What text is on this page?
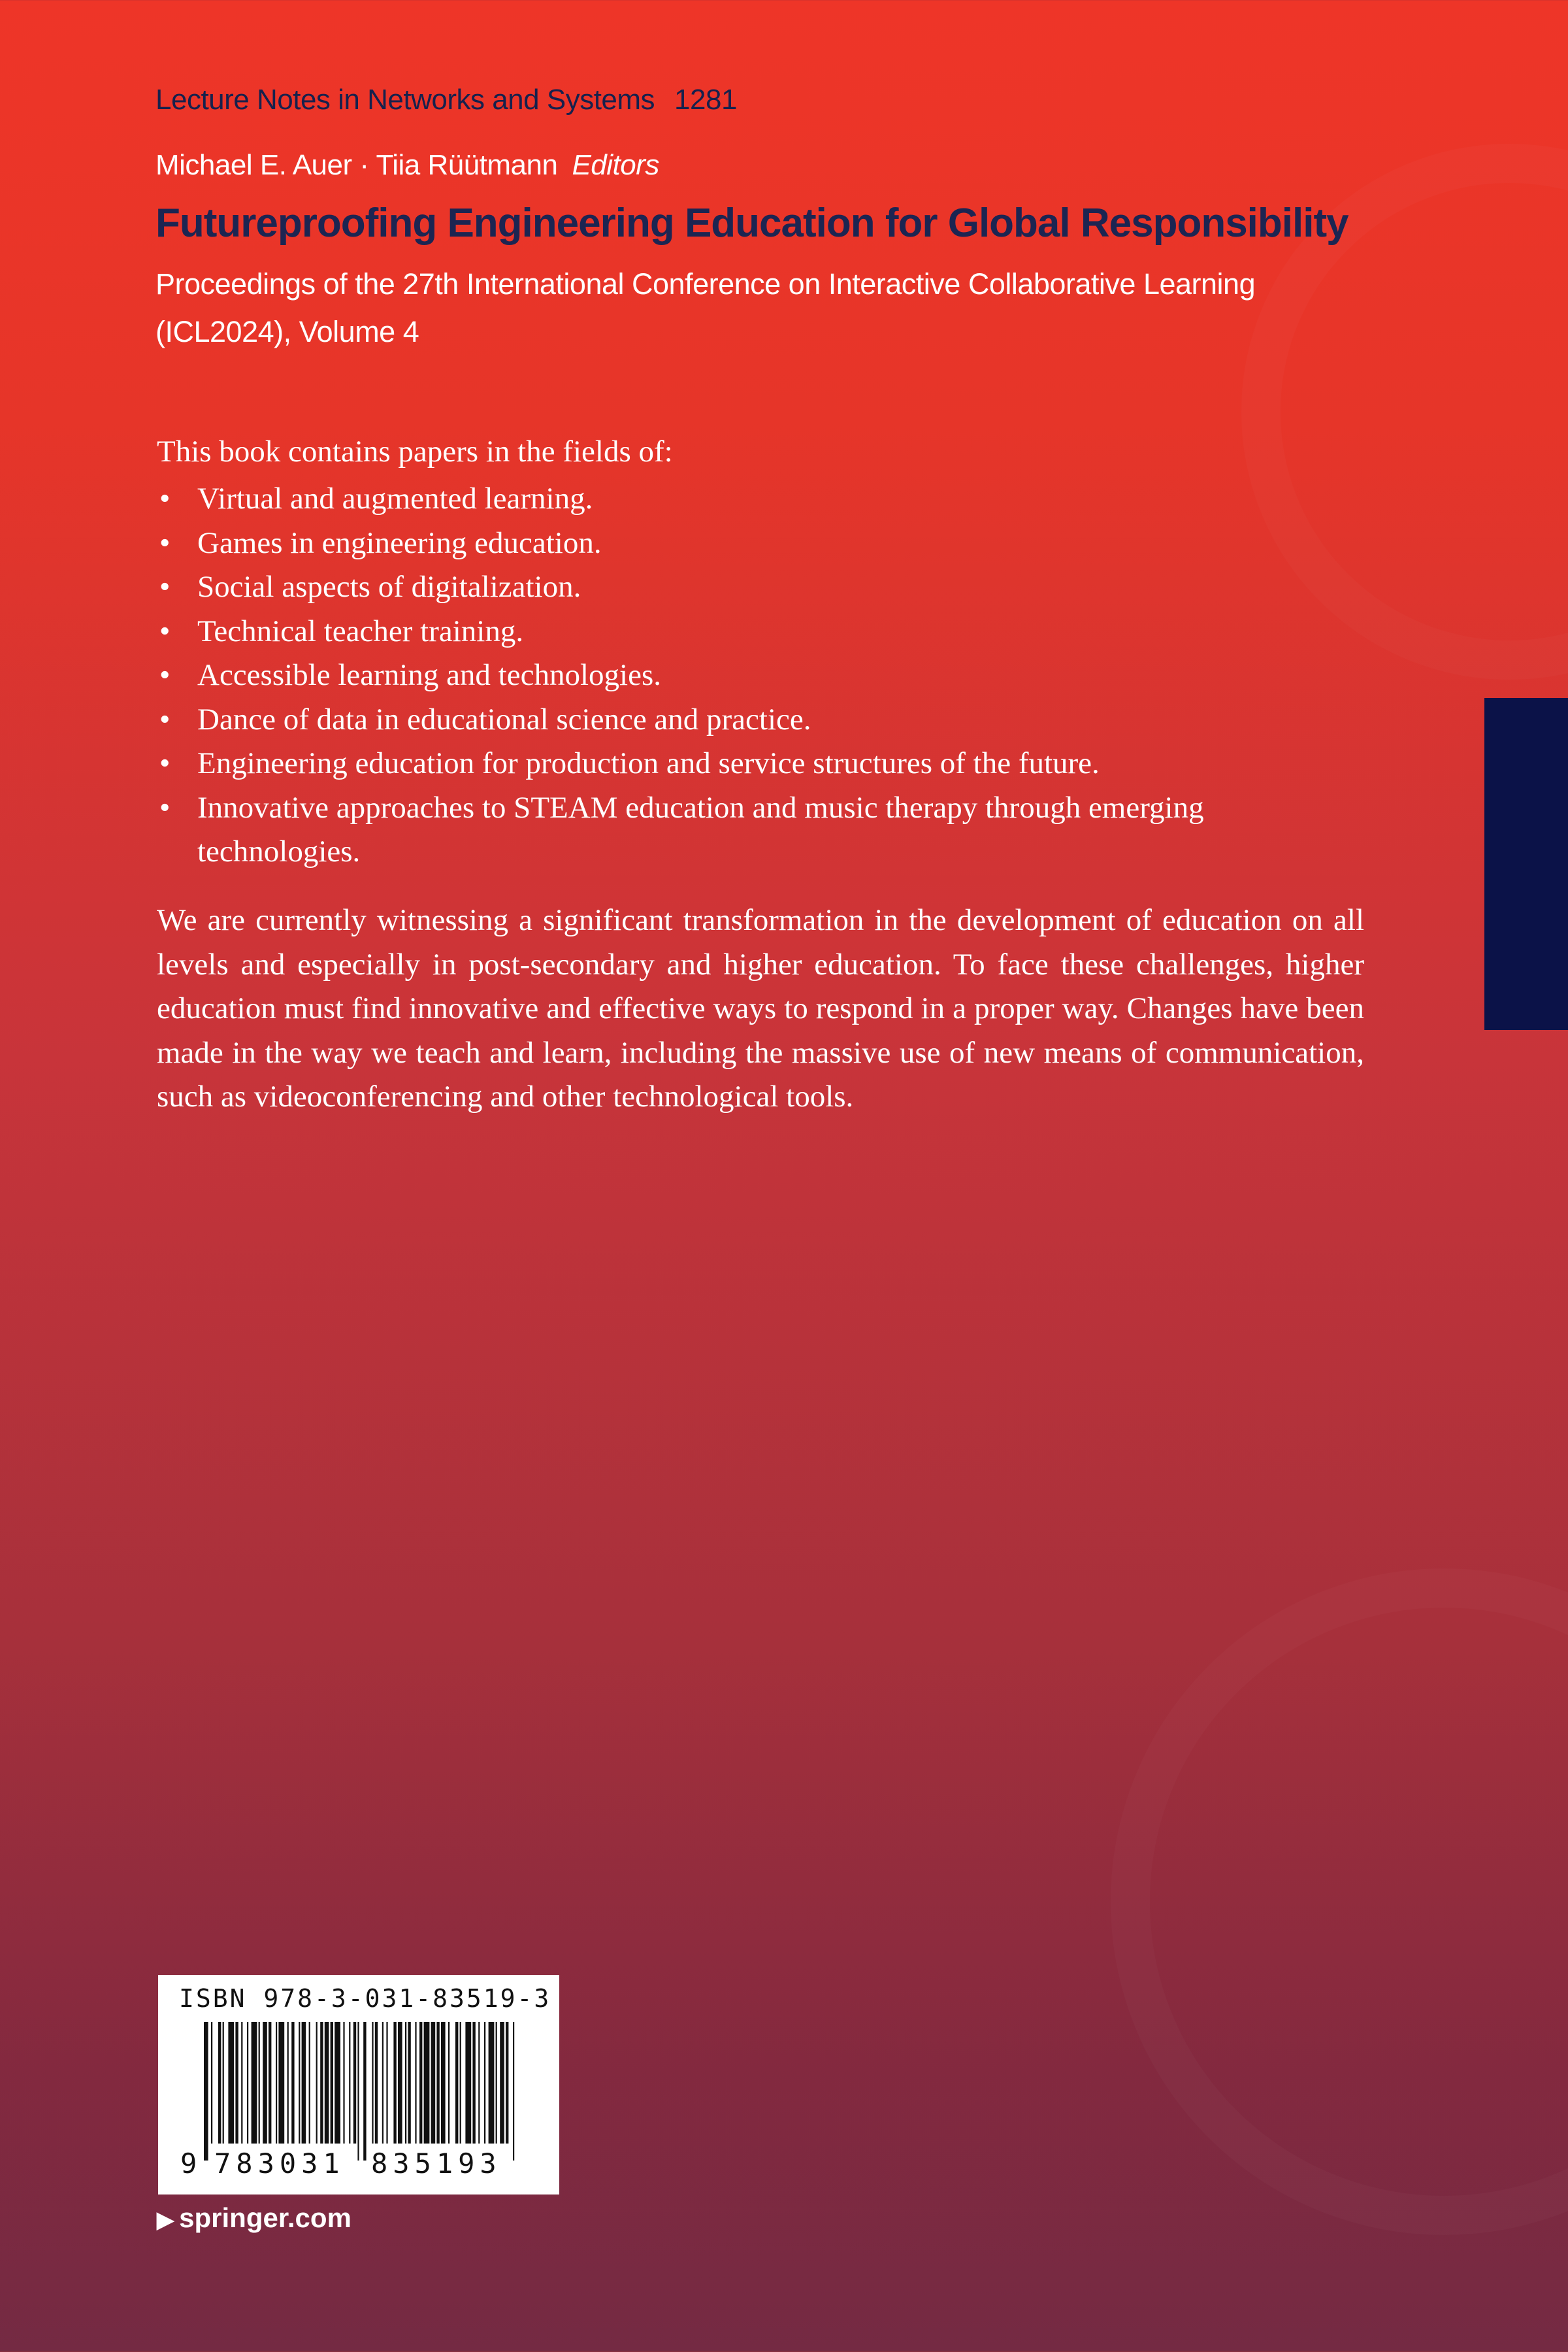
Lecture Notes in Networks and Systems 1281
Michael E. Auer · Tiia Rüütmann Editors
Futureproofing Engineering Education for Global Responsibility
Proceedings of the 27th International Conference on Interactive Collaborative Learning (ICL2024), Volume 4
This book contains papers in the fields of:
• Virtual and augmented learning.
• Games in engineering education.
• Social aspects of digitalization.
• Technical teacher training.
• Accessible learning and technologies.
• Dance of data in educational science and practice.
• Engineering education for production and service structures of the future.
• Innovative approaches to STEAM education and music therapy through emerging technologies.
We are currently witnessing a significant transformation in the development of education on all levels and especially in post-secondary and higher education. To face these challenges, higher education must find innovative and effective ways to respond in a proper way. Changes have been made in the way we teach and learn, including the massive use of new means of communication, such as videoconferencing and other technological tools.
ISBN 978-3-031-83519-3
9 783031 835193
▶ springer.com
